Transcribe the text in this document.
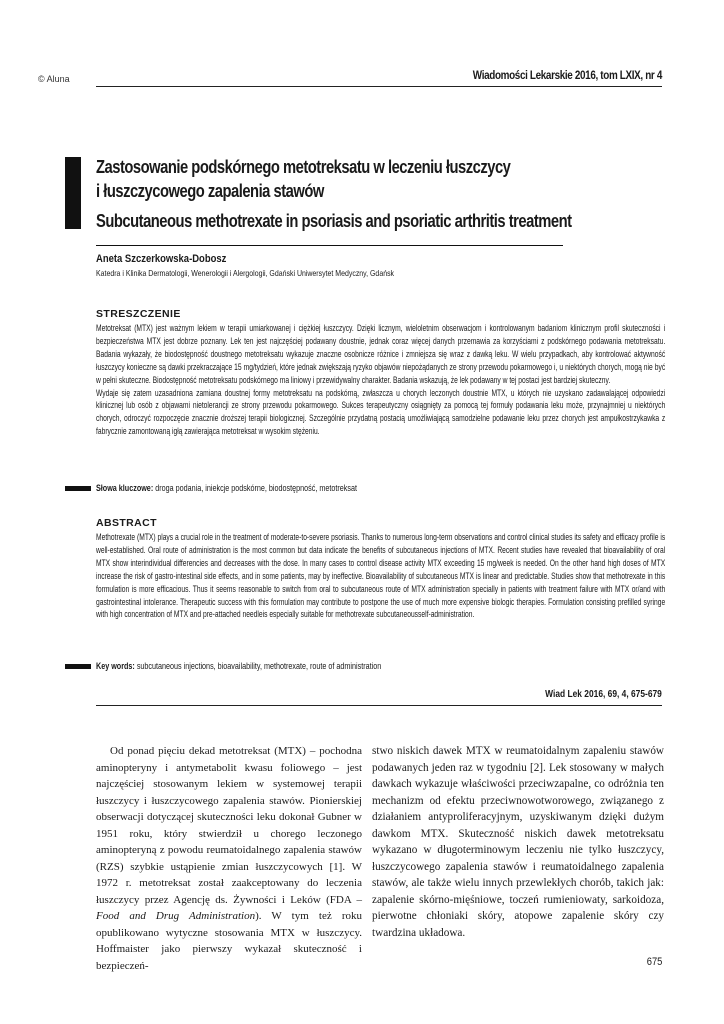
© Aluna	Wiadomości Lekarskie 2016, tom LXIX, nr 4
Zastosowanie podskórnego metotreksatu w leczeniu łuszczycy
i łuszczycowego zapalenia stawów
Subcutaneous methotrexate in psoriasis and psoriatic arthritis treatment
Aneta Szczerkowska-Dobosz
Katedra i Klinika Dermatologii, Wenerologii i Alergologii, Gdański Uniwersytet Medyczny, Gdańsk
STRESZCZENIE

Metotreksat (MTX) jest ważnym lekiem w terapii umiarkowanej i ciężkiej łuszczycy. Dzięki licznym, wieloletnim obserwacjom i kontrolowanym badaniom klinicznym profil skuteczności i bezpieczeństwa MTX jest dobrze poznany. Lek ten jest najczęściej podawany doustnie, jednak coraz więcej danych przemawia za korzyściami z podskórnego podawania metotreksatu. Badania wykazały, że biodostępność doustnego metotreksatu wykazuje znaczne osobnicze różnice i zmniejsza się wraz z dawką leku. W wielu przypadkach, aby kontrolować aktywność łuszczycy konieczne są dawki przekraczające 15 mg/tydzień, które jednak zwiększają ryzyko objawów niepożądanych ze strony przewodu pokarmowego i, u niektórych chorych, mogą nie być w pełni skuteczne. Biodostępność metotreksatu podskórnego ma liniowy i przewidywalny charakter. Badania wskazują, że lek podawany w tej postaci jest bardziej skuteczny.

Wydaje się zatem uzasadniona zamiana doustnej formy metotreksatu na podskórną, zwłaszcza u chorych leczonych doustnie MTX, u których nie uzyskano zadawalającej odpowiedzi klinicznej lub osób z objawami nietolerancji ze strony przewodu pokarmowego. Sukces terapeutyczny osiągnięty za pomocą tej formuły podawania leku może, przynajmniej u niektórych chorych, odroczyć rozpoczęcie znacznie droższej terapii biologicznej. Szczególnie przydatną postacią umożliwiającą samodzielne podawanie leku przez chorych jest ampułkostrzykawka z fabrycznie zamontowaną igłą zawierająca metotreksat w wysokim stężeniu.

Słowa kluczowe: droga podania, iniekcje podskórne, biodostępność, metotreksat
ABSTRACT

Methotrexate (MTX) plays a crucial role in the treatment of moderate-to-severe psoriasis. Thanks to numerous long-term observations and control clinical studies its safety and efficacy profile is well-established. Oral route of administration is the most common but data indicate the benefits of subcutaneous injections of MTX. Recent studies have revealed that bioavailability of oral MTX show interindividual differencies and decreases with the dose. In many cases to control disease activity MTX exceeding 15 mg/week is needed. On the other hand high doses of MTX increase the risk of gastro-intestinal side effects, and in some patients, may by ineffective. Bioavailability of subcutaneous MTX is linear and predictable. Studies show that methotrexate in this formulation is more efficacious. Thus it seems reasonable to switch from oral to subcutaneous route of MTX administration specially in patients with treatment failure with MTX or/and with gastrointestinal intolerance. Therapeutic success with this formulation may contribute to postpone the use of much more expensive biologic therapies. Formulation consisting prefilled syringe with high concentration of MTX and pre-attached needleis especially suitable for methotrexate subcutaneousself-administration.

Key words: subcutaneous injections, bioavailability, methotrexate, route of administration
Wiad Lek 2016, 69, 4, 675-679

Od ponad pięciu dekad metotreksat (MTX) – pochodna aminopteryny i antymetabolit kwasu foliowego – jest najczęściej stosowanym lekiem w systemowej terapii łuszczycy i łuszczycowego zapalenia stawów. Pionierskiej obserwacji dotyczącej skuteczności leku dokonał Gubner w 1951 roku, który stwierdził u chorego leczonego aminopteryną z powodu reumatoidalnego zapalenia stawów (RZS) szybkie ustąpienie zmian łuszczycowych [1]. W 1972 r. metotreksat został zaakceptowany do leczenia łuszczycy przez Agencję ds. Żywności i Leków (FDA – Food and Drug Administration). W tym też roku opublikowano wytyczne stosowania MTX w łuszczycy. Hoffmaister jako pierwszy wykazał skuteczność i bezpieczeń-

stwo niskich dawek MTX w reumatoidalnym zapaleniu stawów podawanych jeden raz w tygodniu [2]. Lek stosowany w małych dawkach wykazuje właściwości przeciwzapalne, co odróżnia ten mechanizm od efektu przeciwnowotworowego, związanego z działaniem antyproliferacyjnym, uzyskiwanym dzięki dużym dawkom MTX. Skuteczność niskich dawek metotreksatu wykazano w długoterminowym leczeniu nie tylko łuszczycy, łuszczycowego zapalenia stawów i reumatoidalnego zapalenia stawów, ale także wielu innych przewlekłych chorób, takich jak: zapalenie skórno-mięśniowe, toczeń rumieniowaty, sarkoidoza, pierwotne chłoniaki skóry, atopowe zapalenie skóry czy twardzina układowa.

675
